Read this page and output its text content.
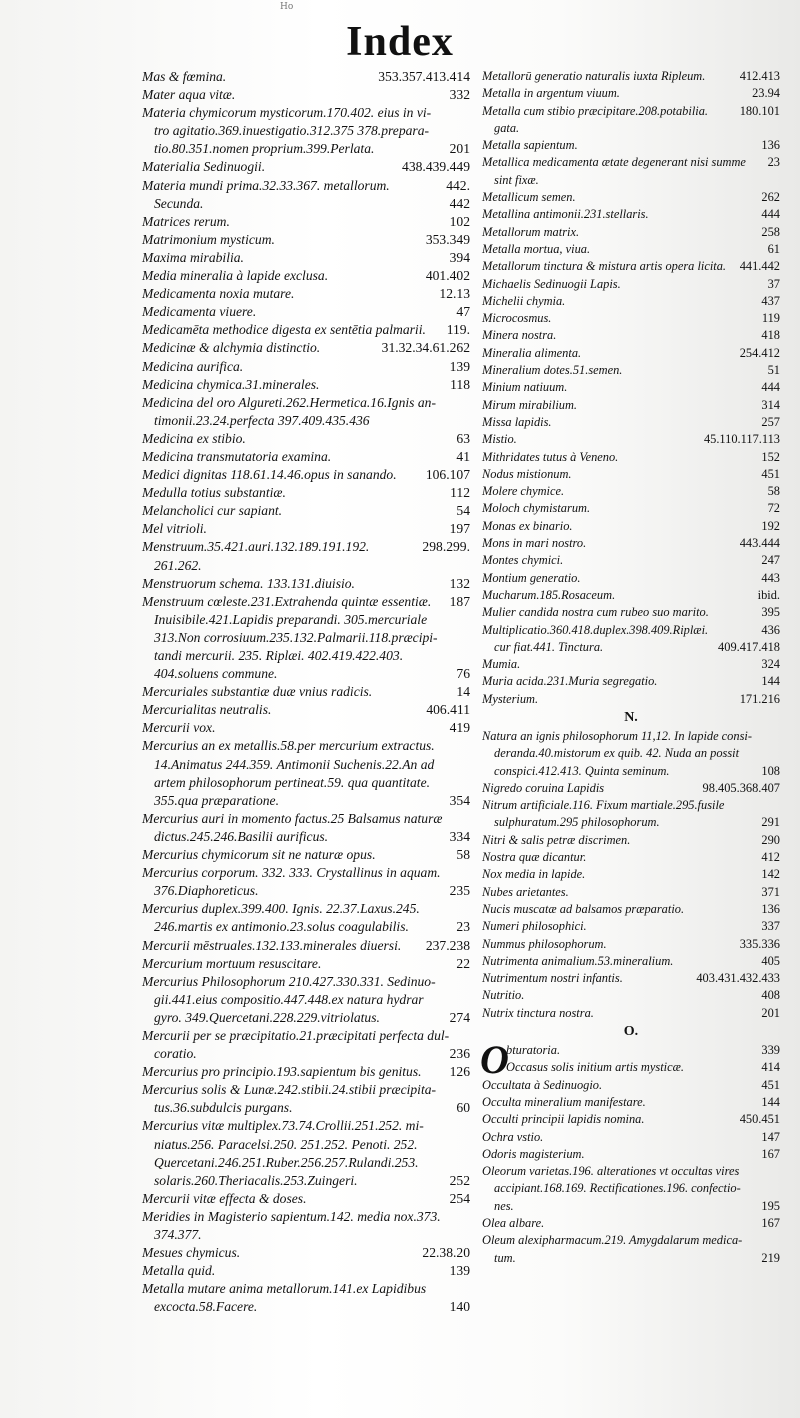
Index
Ho
Mas & fœmina.	353.357.413.414
Mater aqua vitæ.	332
Materia chymicorum mysticorum.170.402. eius in vi-
tro agitatio.369.inuestigatio.312.375 378.prepara-
tio.80.351.nomen proprium.399.Perlata.	201
Materialia Sedinuogii.	438.439.449
Materia mundi prima.32.33.367. metallorum.	442.
Secunda.	442
Matrices rerum.	102
Matrimonium mysticum.	353.349
Maxima mirabilia.	394
Media mineralia à lapide exclusa.	401.402
Medicamenta noxia mutare.	12.13
Medicamenta viuere.	47
Medicamēta methodice digesta ex sentētia palmarii.	119.
Medicinæ & alchymia distinctio.	31.32.34.61.262
Medicina aurifica.	139
Medicina chymica.31.minerales.	118
Medicina del oro Algureti.262.Hermetica.16.Ignis an-
timonii.23.24.perfecta 397.409.435.436
Medicina ex stibio.	63
Medicina transmutatoria examina.	41
Medici dignitas 118.61.14.46.opus in sanando.	106.107
Medulla totius substantiæ.	112
Melancholici cur sapiant.	54
Mel vitrioli.	197
Menstruum.35.421.auri.132.189.191.192.	298.299.
261.262.
Menstruorum schema. 133.131.diuisio.	132
Menstruum cœleste.231.Extrahenda quintæ essentiæ.	187
Inuisibile.421.Lapidis preparandi. 305.mercuriale
313.Non corrosiuum.235.132.Palmarii.118.præcipi-
tandi mercurii. 235. Riplæi. 402.419.422.403.
404.soluens commune.	76
Mercuriales substantiæ duæ vnius radicis.	14
Mercurialitas neutralis.	406.411
Mercurii vox.	419
Mercurius an ex metallis.58.per mercurium extractus.
14.Animatus 244.359. Antimonii Suchenis.22.An ad
artem philosophorum pertineat.59. qua quantitate.
355.qua præparatione.	354
Mercurius auri in momento factus.25 Balsamus naturæ
dictus.245.246.Basilii aurificus.	334
Mercurius chymicorum sit ne naturæ opus.	58
Mercurius corporum. 332. 333. Crystallinus in aquam.
376.Diaphoreticus.	235
Mercurius duplex.399.400. Ignis. 22.37.Laxus.245.
246.martis ex antimonio.23.solus coagulabilis.	23
Mercurii mēstruales.132.133.minerales diuersi.	237.238
Mercurium mortuum resuscitare.	22
Mercurius Philosophorum 210.427.330.331. Sedinuo-
gii.441.eius compositio.447.448.ex natura hydrar
gyro. 349.Quercetani.228.229.vitriolatus.	274
Mercurii per se præcipitatio.21.præcipitati perfecta dul-
coratio.	236
Mercurius pro principio.193.sapientum bis genitus.	126
Mercurius solis & Lunæ.242.stibii.24.stibii præcipita-
tus.36.subdulcis purgans.	60
Mercurius vitæ multiplex.73.74.Crollii.251.252. mi-
niatus.256. Paracelsi.250. 251.252. Penoti. 252.
Quercetani.246.251.Ruber.256.257.Rulandi.253.
solaris.260.Theriacalis.253.Zuingeri.	252
Mercurii vitæ effecta & doses.	254
Meridies in Magisterio sapientum.142. media nox.373.
374.377.
Mesues chymicus.	22.38.20
Metalla quid.	139
Metalla mutare anima metallorum.141.ex Lapidibus
excocta.58.Facere.	140
Metallorū generatio naturalis iuxta Ripleum.	412.413
Metalla in argentum viuum.	23.94
Metalla cum stibio præcipitare.208.potabilia.	180.101
gata.
Metalla sapientum.	136
Metallica medicamenta ætate degenerant nisi summe	23
sint fixæ.
Metallicum semen.	262
Metallina antimonii.231.stellaris.	444
Metallorum matrix.	258
Metalla mortua, viua.	61
Metallorum tinctura & mistura artis opera licita.	441.442
Michaelis Sedinuogii Lapis.	37
Michelii chymia.	437
Microcosmus.	119
Minera nostra.	418
Mineralia alimenta.	254.412
Mineralium dotes.51.semen.	51
Minium natiuum.	444
Mirum mirabilium.	314
Missa lapidis.	257
Mistio.	45.110.117.113
Mithridates tutus à Veneno.	152
Nodus mistionum.	451
Molere chymice.	58
Moloch chymistarum.	72
Monas ex binario.	192
Mons in mari nostro.	443.444
Montes chymici.	247
Montium generatio.	443
Mucharum.185.Rosaceum.	ibid.
Mulier candida nostra cum rubeo suo marito.	395
Multiplicatio.360.418.duplex.398.409.Riplæi.	436
cur fiat.441. Tinctura.	409.417.418
Mumia.	324
Muria acida.231.Muria segregatio.	144
Mysterium.	171.216
N.
Natura an ignis philosophorum 11,12. In lapide consi-
deranda.40.mistorum ex quib. 42. Nuda an possit
conspici.412.413. Quinta seminum.	108
Nigredo coruina Lapidis	98.405.368.407
Nitrum artificiale.116. Fixum martiale.295.fusile
sulphuratum.295 philosophorum.	291
Nitri & salis petræ discrimen.	290
Nostra quæ dicantur.	412
Nox media in lapide.	142
Nubes arietantes.	371
Nucis muscatæ ad balsamos præparatio.	136
Numeri philosophici.	337
Nummus philosophorum.	335.336
Nutrimenta animalium.53.mineralium.	405
Nutrimentum nostri infantis.	403.431.432.433
Nutritio.	408
Nutrix tinctura nostra.	201
O.
O
bturatoria.	339
Occasus solis initium artis mysticæ.	414
Occultata à Sedinuogio.	451
Occulta mineralium manifestare.	144
Occulti principii lapidis nomina.	450.451
Ochra vstio.	147
Odoris magisterium.	167
Oleorum varietas.196. alterationes vt occultas vires
accipiant.168.169. Rectificationes.196. confectio-
nes.	195
Olea albare.	167
Oleum alexipharmacum.219. Amygdalarum medica-
tum.	219
